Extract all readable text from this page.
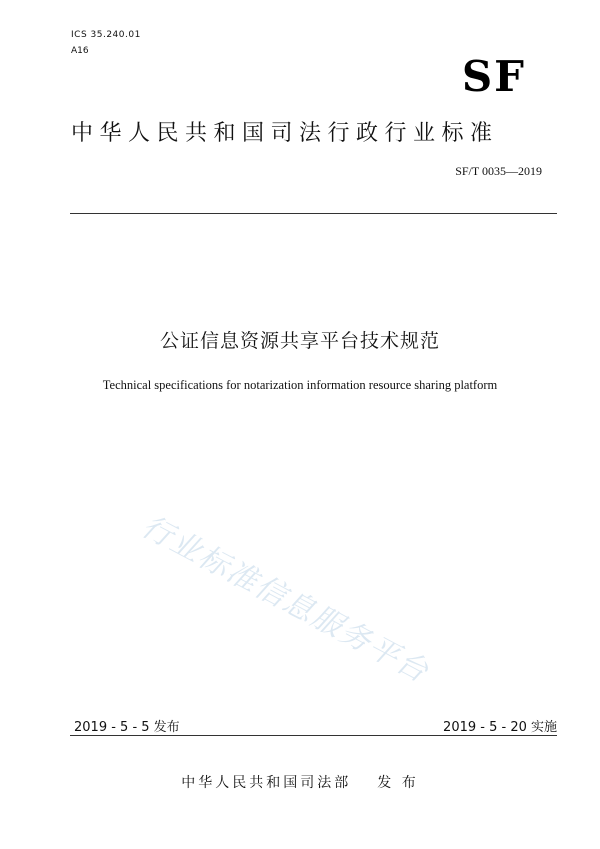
ICS 35.240.01
A16
SF
中华人民共和国司法行政行业标准
SF/T 0035—2019
公证信息资源共享平台技术规范
Technical specifications for notarization information resource sharing platform
行业标准信息服务平台
2019 - 5 - 5 发布	2019 - 5 - 20 实施
中华人民共和国司法部 发 布
